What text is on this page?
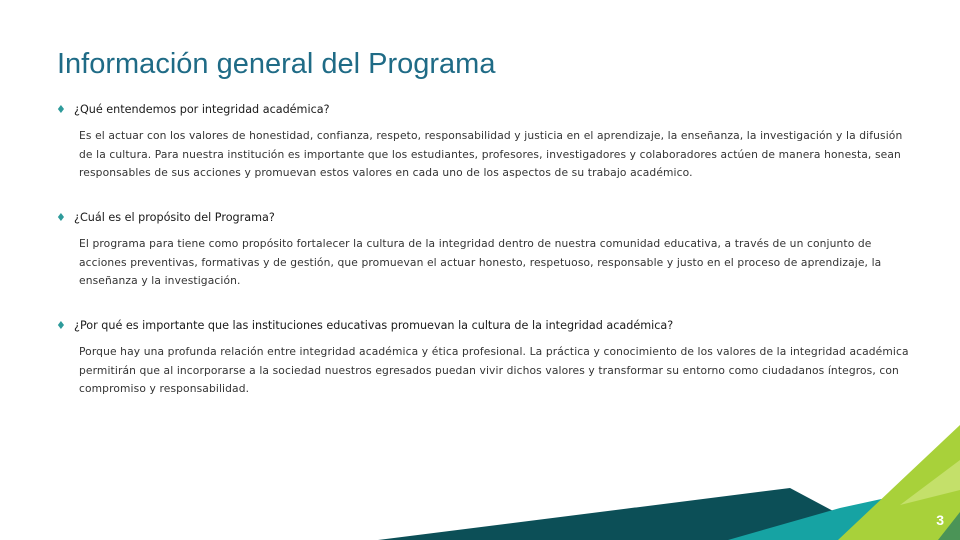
Información general del Programa
♦ ¿Qué entendemos por integridad académica?

Es el actuar con los valores de honestidad, confianza, respeto, responsabilidad y justicia en el aprendizaje, la enseñanza, la investigación y la difusión de la cultura. Para nuestra institución es importante que los estudiantes, profesores, investigadores y colaboradores actúen de manera honesta, sean responsables de sus acciones y promuevan estos valores en cada uno de los aspectos de su trabajo académico.

♦ ¿Cuál es el propósito del Programa?

El programa para tiene como propósito fortalecer la cultura de la integridad dentro de nuestra comunidad educativa, a través de un conjunto de acciones preventivas, formativas y de gestión, que promuevan el actuar honesto, respetuoso, responsable y justo en el proceso de aprendizaje, la enseñanza y la investigación.

♦ ¿Por qué es importante que las instituciones educativas promuevan la cultura de la integridad académica?

Porque hay una profunda relación entre integridad académica y ética profesional. La práctica y conocimiento de los valores de la integridad académica permitirán que al incorporarse a la sociedad nuestros egresados puedan vivir dichos valores y transformar su entorno como ciudadanos íntegros, con compromiso y responsabilidad.

3
